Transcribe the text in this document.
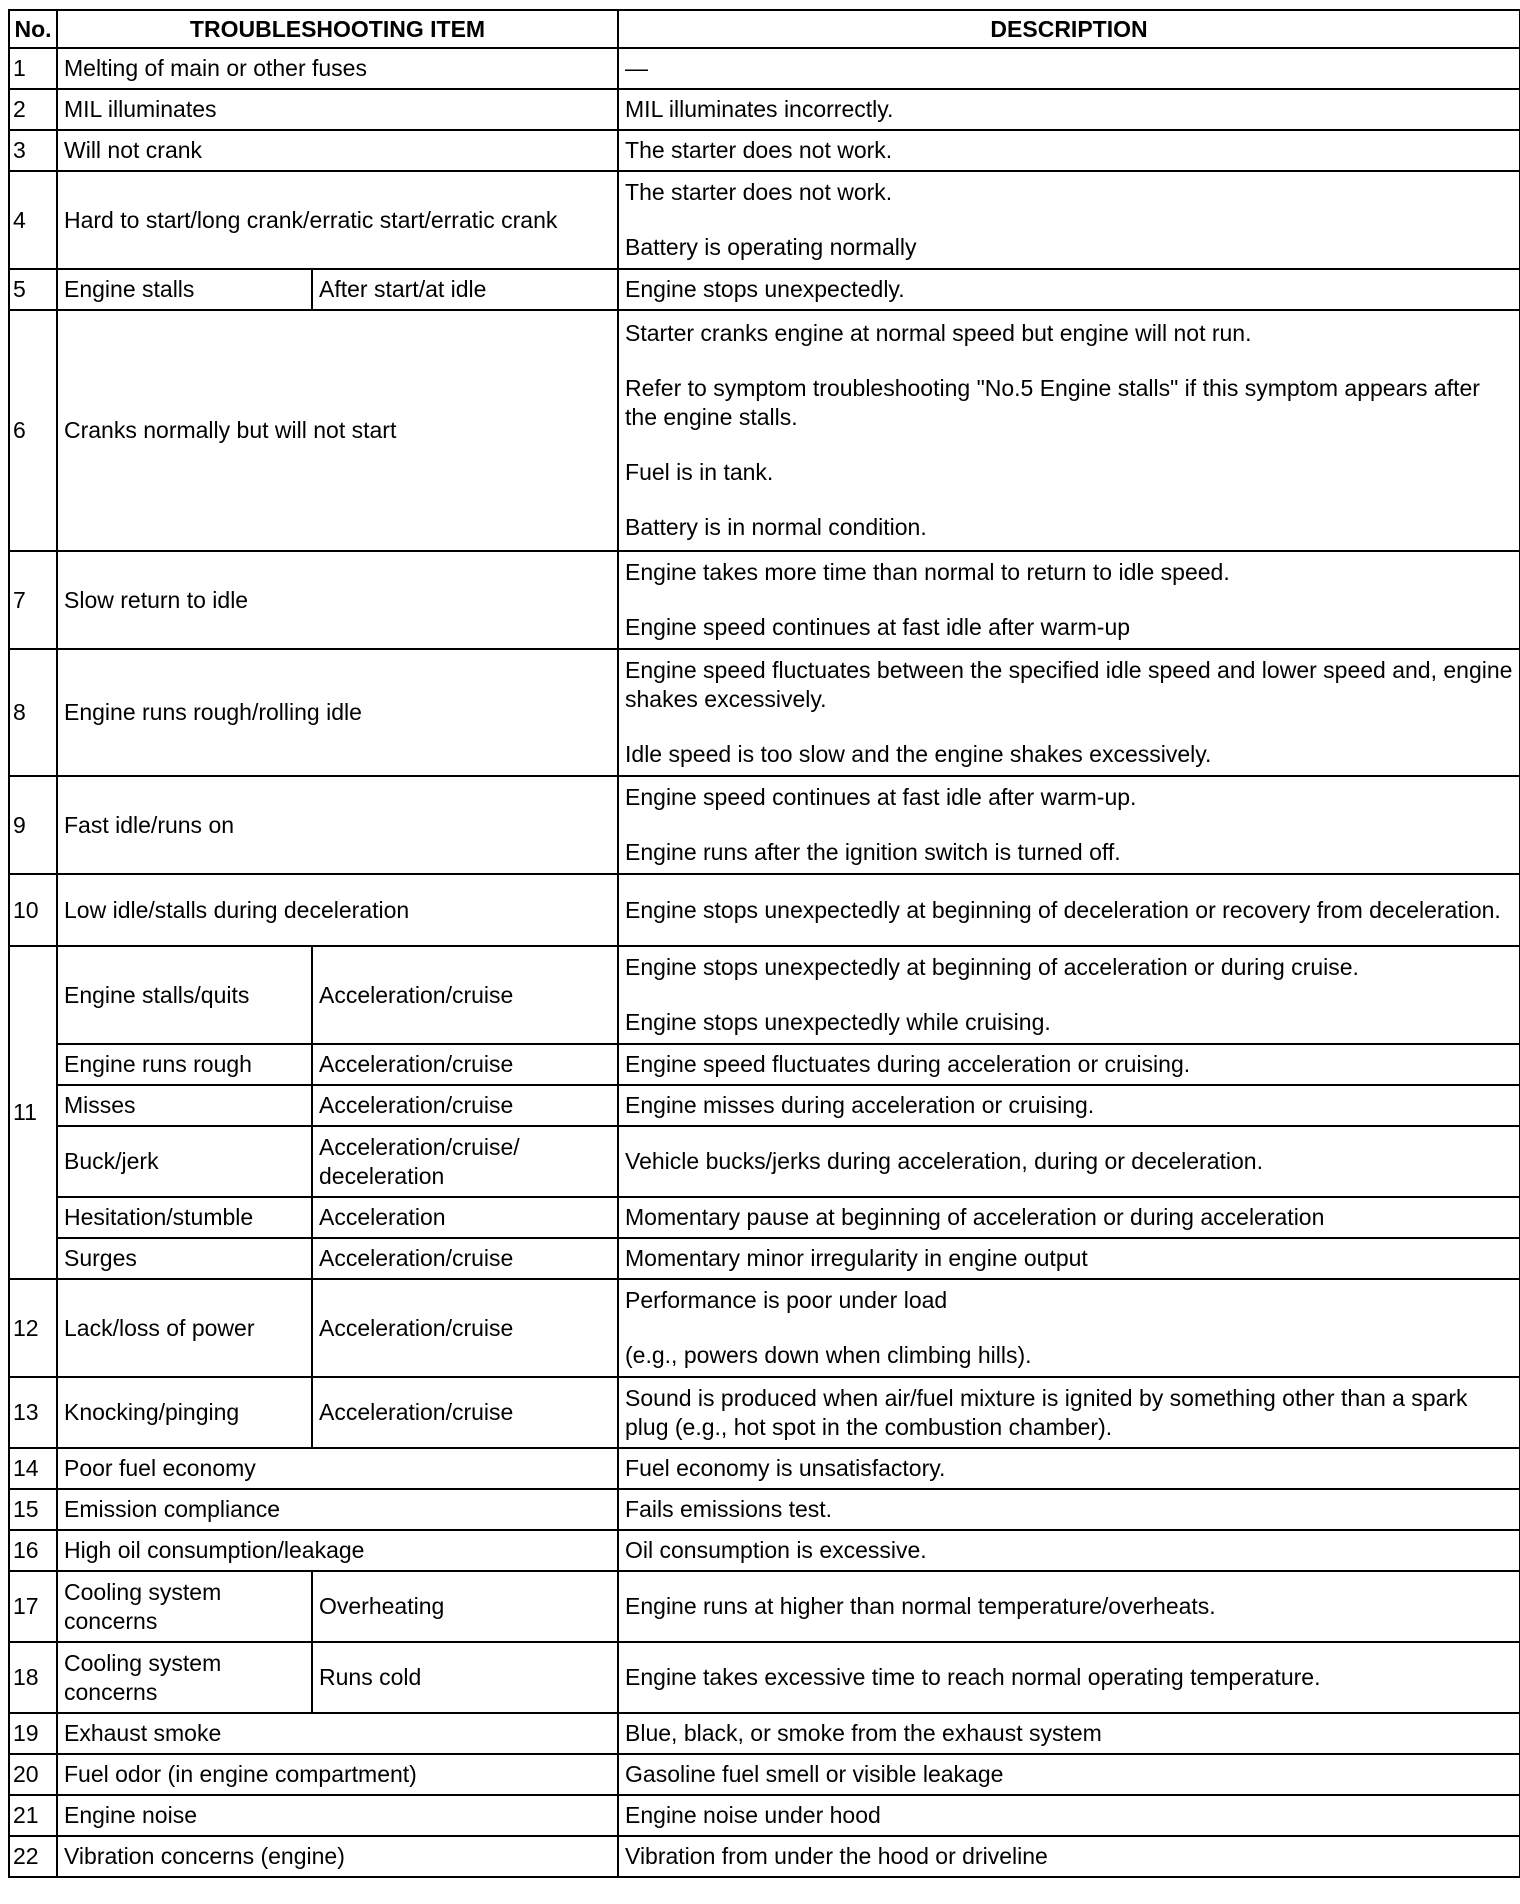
No.	TROUBLESHOOTING ITEM		DESCRIPTION
1	Melting of main or other fuses		—

2	MIL illuminates		MIL illuminates incorrectly.

3	Will not crank		The starter does not work.

4	Hard to start/long crank/erratic start/erratic crank		The starter does not work.
Battery is operating normally

5	Engine stalls	After start/at idle	Engine stops unexpectedly.

6	Cranks normally but will not start		Starter cranks engine at normal speed but engine will not run.
Refer to symptom troubleshooting "No.5 Engine stalls" if this symptom appears after the engine stalls.
Fuel is in tank.
Battery is in normal condition.

7	Slow return to idle		Engine takes more time than normal to return to idle speed.
Engine speed continues at fast idle after warm-up

8	Engine runs rough/rolling idle		Engine speed fluctuates between the specified idle speed and lower speed and, engine shakes excessively.
Idle speed is too slow and the engine shakes excessively.

9	Fast idle/runs on		Engine speed continues at fast idle after warm-up.
Engine runs after the ignition switch is turned off.

10	Low idle/stalls during deceleration		Engine stops unexpectedly at beginning of deceleration or recovery from deceleration.

11	Engine stalls/quits	Acceleration/cruise	Engine stops unexpectedly at beginning of acceleration or during cruise.
Engine stops unexpectedly while cruising.

	Engine runs rough	Acceleration/cruise	Engine speed fluctuates during acceleration or cruising.

	Misses	Acceleration/cruise	Engine misses during acceleration or cruising.

	Buck/jerk	Acceleration/cruise/ deceleration	Vehicle bucks/jerks during acceleration, during or deceleration.

	Hesitation/stumble	Acceleration	Momentary pause at beginning of acceleration or during acceleration

	Surges	Acceleration/cruise	Momentary minor irregularity in engine output

12	Lack/loss of power	Acceleration/cruise	Performance is poor under load
(e.g., powers down when climbing hills).

13	Knocking/pinging	Acceleration/cruise	Sound is produced when air/fuel mixture is ignited by something other than a spark plug (e.g., hot spot in the combustion chamber).

14	Poor fuel economy		Fuel economy is unsatisfactory.

15	Emission compliance		Fails emissions test.

16	High oil consumption/leakage		Oil consumption is excessive.

17	Cooling system concerns	Overheating	Engine runs at higher than normal temperature/overheats.

18	Cooling system concerns	Runs cold	Engine takes excessive time to reach normal operating temperature.

19	Exhaust smoke		Blue, black, or smoke from the exhaust system

20	Fuel odor (in engine compartment)		Gasoline fuel smell or visible leakage

21	Engine noise		Engine noise under hood

22	Vibration concerns (engine)		Vibration from under the hood or driveline
